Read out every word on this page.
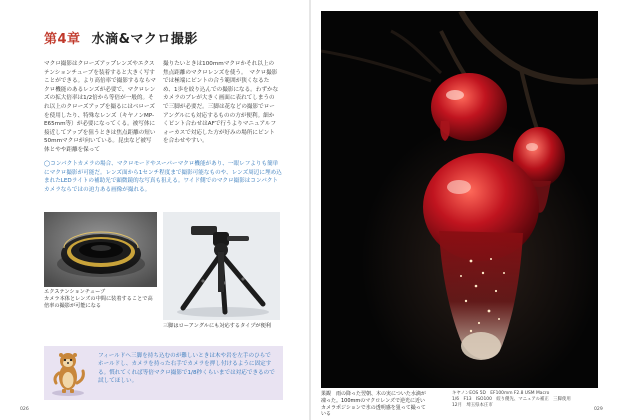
第4章 水滴&マクロ撮影
マクロ撮影はクローズアップレンズやエクステンションチューブを装着すると大きく写すことができる。より高倍率で撮影するならマクロ機能のあるレンズが必要で、マクロレンズの拡大倍率は1/2倍から等倍が一般的。それ以上のクローズアップを撮るにはベローズを使用したり、特殊なレンズ（キヤノンMP-E65mm等）が必要になってくる。被写体に接近してアップを狙うときは焦点距離の短い50mmマクロが向いている。昆虫など被写体とやや距離を保って
撮りたいときは100mmマクロかそれ以上の焦点距離のマクロレンズを使う。　マクロ撮影では極端にピントの合う範囲が狭くなるため、1歩を絞り込んでの撮影になる。わずかなカメラのブレが大きく画面に表れてしまうので三脚が必要だ。三脚は花などの撮影でローアングルにも対応するものの方が便利。細かくピント合わせはAFで行うよりマニュアルフォーカスで対応した方が好みの場所にピントを合わせやすい。
◯コンパクトカメラの場合、マクロモードやスーパーマクロ機能があり、一眼レフよりも簡単にマクロ撮影が可能だ。レンズ面から1センチ程度まで撮影可能なものや、レンズ周辺に埋め込まれたLEDライトの補助光で顕微鏡的な写真も狙える。ワイド側でのマクロ撮影はコンパクトカメラならではの迫力ある画像が撮れる。
エクステンションチューブ
カメラ本体とレンズの中間に装着することで高倍率の撮影が可能になる
三脚はローアングルにも対応するタイプが便利
フィールドへ三脚を持ち込むのが難しいときは木や岩を左手のひらでホールドし、カメラを持った右手でカメラを押し付けるように固定する。慣れてくれば等倍マクロ撮影で1/8秒くらいまでは対応できるので試してほしい。
026	029
果観　雨の降った翌朝、木の実についた水滴が凍った。100mmのマクロレンズで逆光に近いカメラポジションで氷の透明感を狙って撮っている
キヤノンEOS 5D　EF100mm F2.8 USM Macro
1/6　F13　ISO100　絞り優先、マニュアル補正　三脚使用
12月　埼玉県本庄市
